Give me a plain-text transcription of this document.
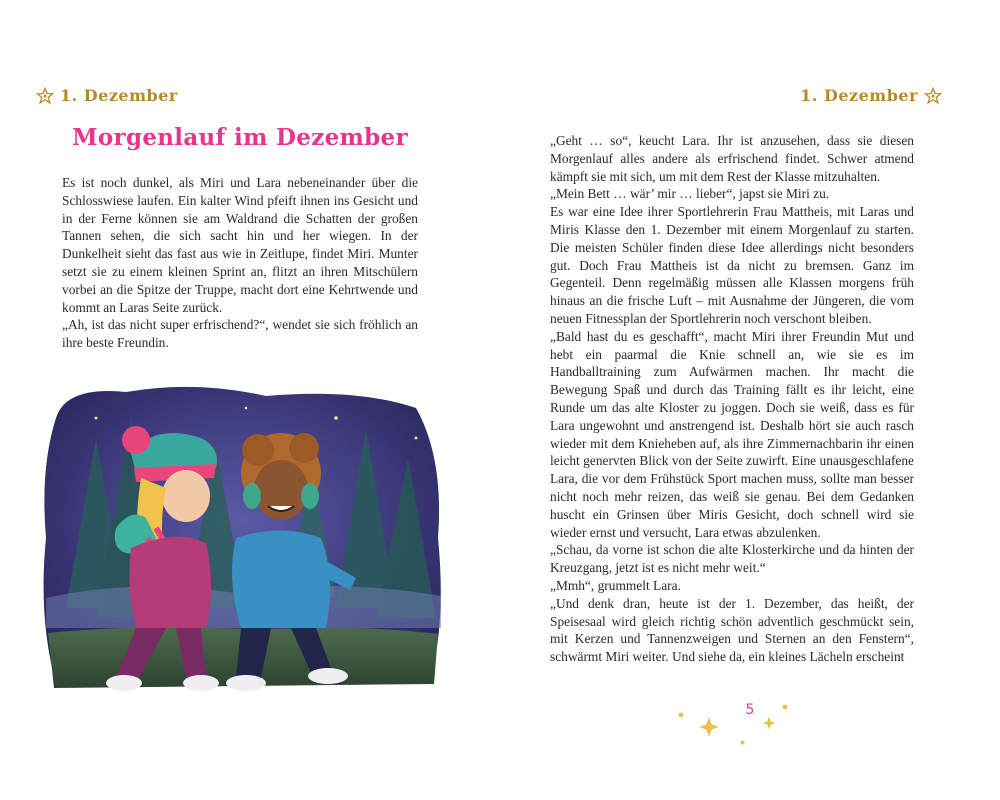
1. Dezember
Morgenlauf im Dezember

Es ist noch dunkel, als Miri und Lara nebeneinander über die Schlosswiese laufen. Ein kalter Wind pfeift ihnen ins Gesicht und in der Ferne können sie am Waldrand die Schatten der großen Tannen sehen, die sich sacht hin und her wiegen. In der Dunkelheit sieht das fast aus wie in Zeitlupe, findet Miri. Munter setzt sie zu einem kleinen Sprint an, flitzt an ihren Mitschülern vorbei an die Spitze der Truppe, macht dort eine Kehrtwende und kommt an Laras Seite zurück.

„Ah, ist das nicht super erfrischend?“, wendet sie sich fröhlich an ihre beste Freundin.

1. Dezember

„Geht … so“, keucht Lara. Ihr ist anzusehen, dass sie diesen Morgenlauf alles andere als erfrischend findet. Schwer atmend kämpft sie mit sich, um mit dem Rest der Klasse mitzuhalten.

„Mein Bett … wär’ mir … lieber“, japst sie Miri zu.

Es war eine Idee ihrer Sportlehrerin Frau Mattheis, mit Laras und Miris Klasse den 1. Dezember mit einem Morgenlauf zu starten. Die meisten Schüler finden diese Idee allerdings nicht besonders gut. Doch Frau Mattheis ist da nicht zu bremsen. Ganz im Gegenteil. Denn regelmäßig müssen alle Klassen morgens früh hinaus an die frische Luft – mit Ausnahme der Jüngeren, die vom neuen Fitnessplan der Sportlehrerin noch verschont bleiben.

„Bald hast du es geschafft“, macht Miri ihrer Freundin Mut und hebt ein paarmal die Knie schnell an, wie sie es im Handballtraining zum Aufwärmen machen. Ihr macht die Bewegung Spaß und durch das Training fällt es ihr leicht, eine Runde um das alte Kloster zu joggen. Doch sie weiß, dass es für Lara ungewohnt und anstrengend ist. Deshalb hört sie auch rasch wieder mit dem Knieheben auf, als ihre Zimmernachbarin ihr einen leicht genervten Blick von der Seite zuwirft. Eine unausgeschlafene Lara, die vor dem Frühstück Sport machen muss, sollte man besser nicht noch mehr reizen, das weiß sie genau. Bei dem Gedanken huscht ein Grinsen über Miris Gesicht, doch schnell wird sie wieder ernst und versucht, Lara etwas abzulenken.

„Schau, da vorne ist schon die alte Klosterkirche und da hinten der Kreuzgang, jetzt ist es nicht mehr weit.“

„Mmh“, grummelt Lara.

„Und denk dran, heute ist der 1. Dezember, das heißt, der Speisesaal wird gleich richtig schön adventlich geschmückt sein, mit Kerzen und Tannenzweigen und Sternen an den Fenstern“, schwärmt Miri weiter. Und siehe da, ein kleines Lächeln erscheint

5
